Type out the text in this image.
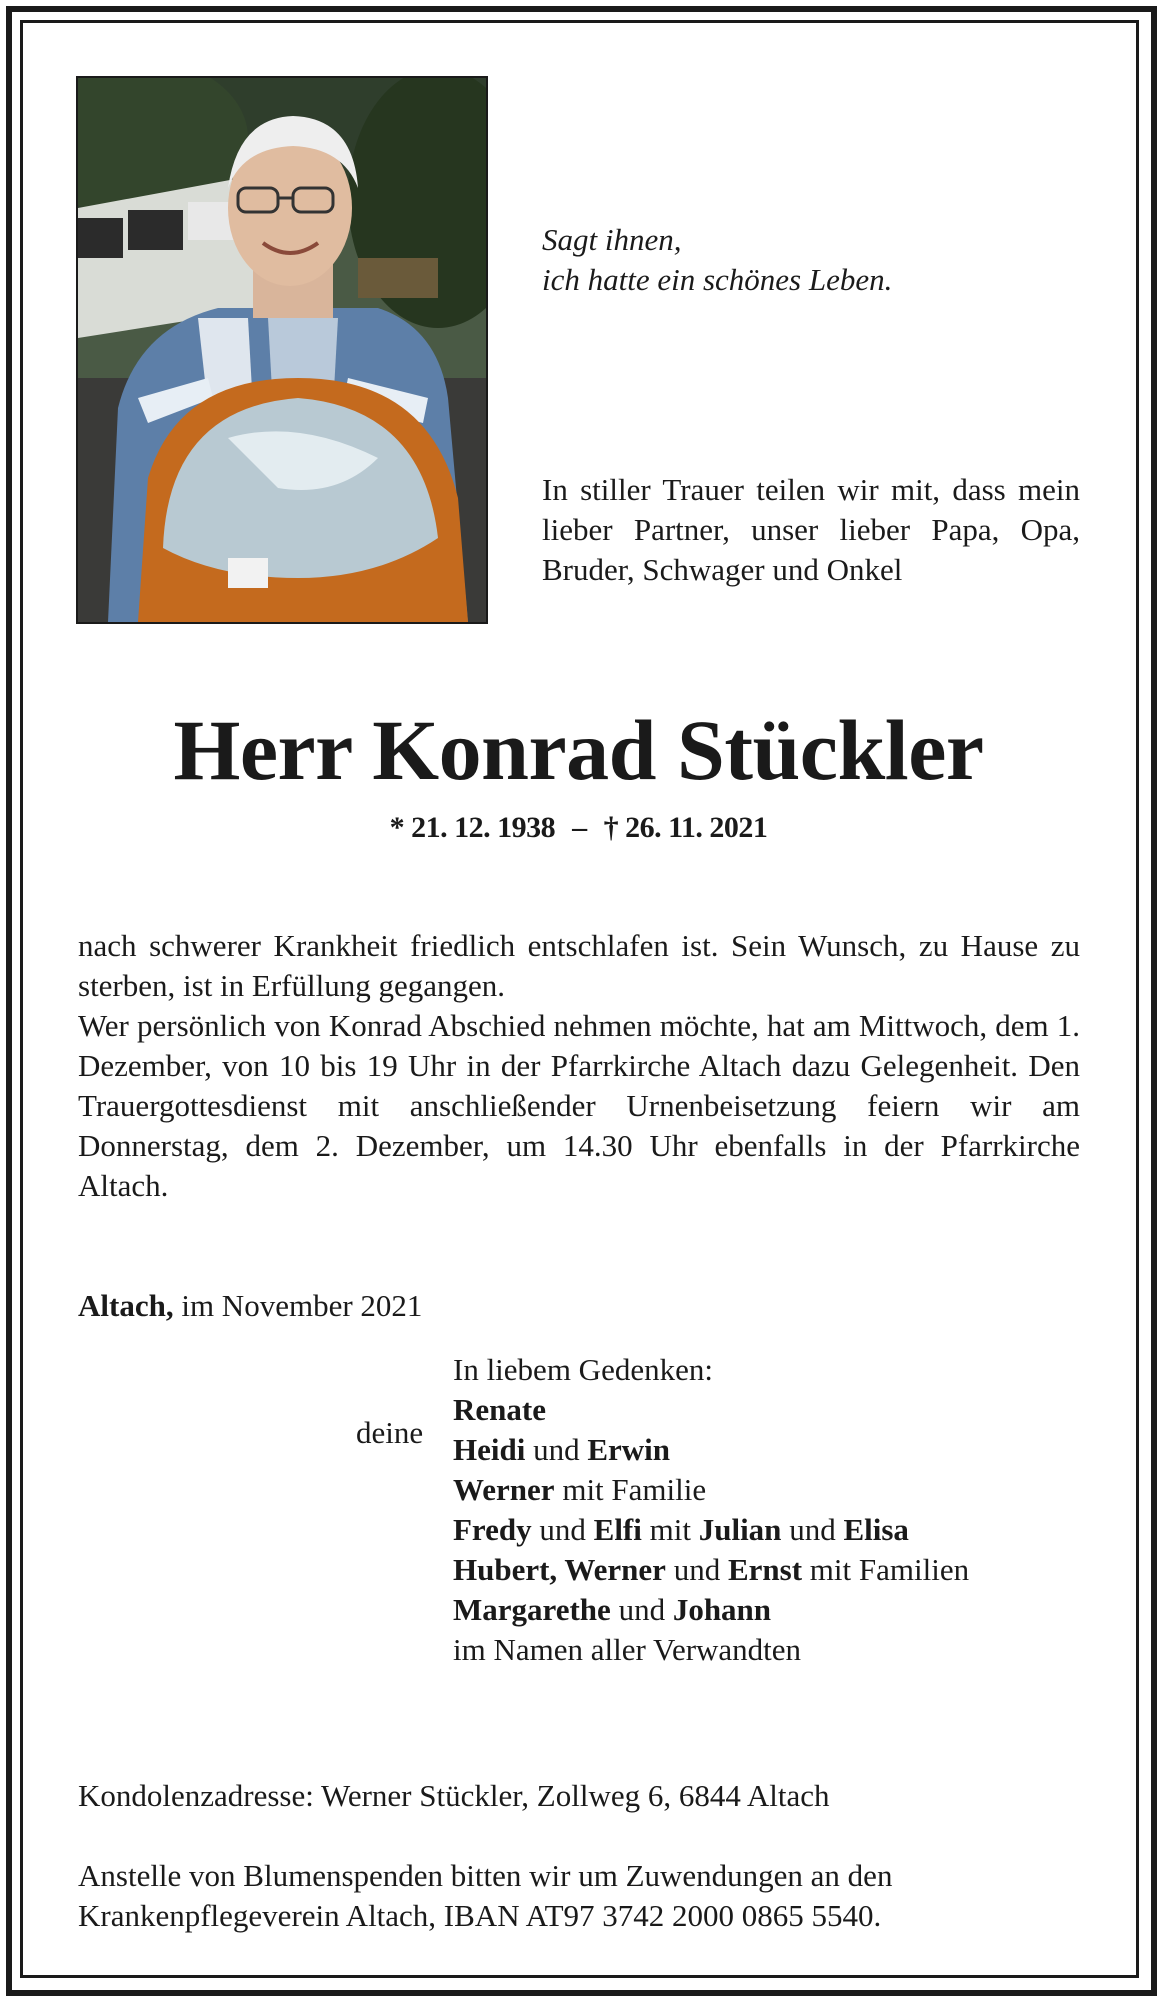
Sagt ihnen,
ich hatte ein schönes Leben.
In stiller Trauer teilen wir mit, dass mein lieber Partner, unser lieber Papa, Opa, Bruder, Schwager und Onkel
Herr Konrad Stückler
* 21. 12. 1938 – † 26. 11. 2021

nach schwerer Krankheit friedlich entschlafen ist. Sein Wunsch, zu Hause zu sterben, ist in Erfüllung gegangen.

Wer persönlich von Konrad Abschied nehmen möchte, hat am Mittwoch, dem 1. Dezember, von 10 bis 19 Uhr in der Pfarrkirche Altach dazu Gelegenheit. Den Trauergottesdienst mit anschließender Urnenbeisetzung feiern wir am Donnerstag, dem 2. Dezember, um 14.30 Uhr ebenfalls in der Pfarrkirche Altach.

Altach, im November 2021
deine
In liebem Gedenken:
Renate
Heidi und Erwin
Werner mit Familie
Fredy und Elfi mit Julian und Elisa
Hubert, Werner und Ernst mit Familien
Margarethe und Johann
im Namen aller Verwandten
Kondolenzadresse: Werner Stückler, Zollweg 6, 6844 Altach
Anstelle von Blumenspenden bitten wir um Zuwendungen an den
Krankenpflegeverein Altach, IBAN AT97 3742 2000 0865 5540.
